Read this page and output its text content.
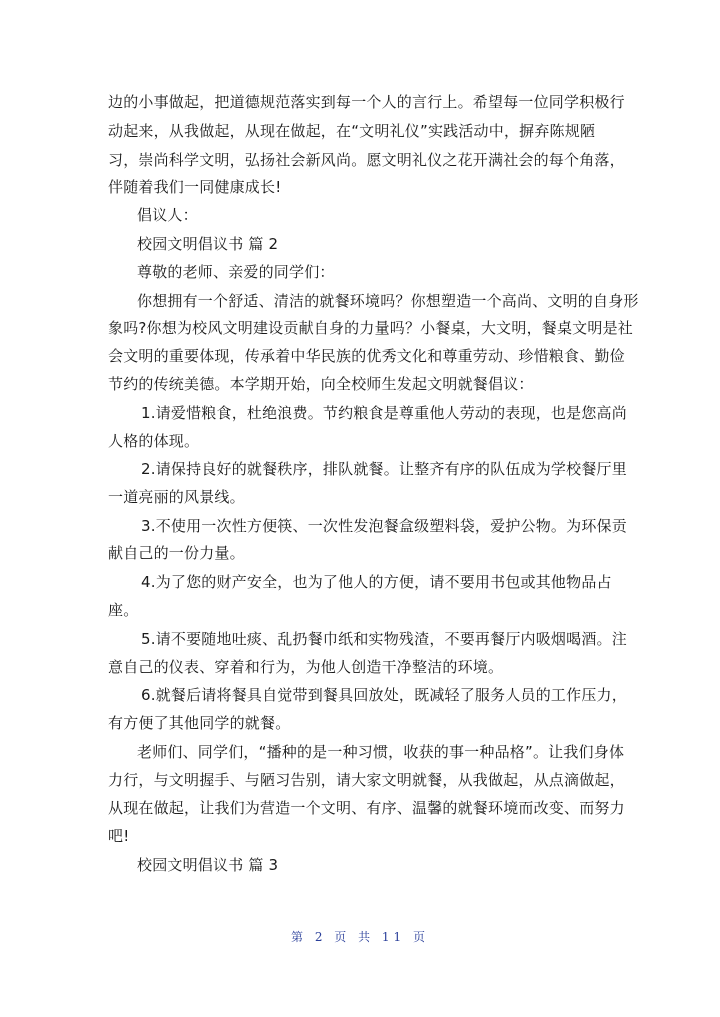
边的小事做起，把道德规范落实到每一个人的言行上。希望每一位同学积极行
动起来，从我做起，从现在做起，在“文明礼仪”实践活动中，摒弃陈规陋
习，崇尚科学文明，弘扬社会新风尚。愿文明礼仪之花开满社会的每个角落，
伴随着我们一同健康成长!
倡议人：
校园文明倡议书 篇 2
尊敬的老师、亲爱的同学们：
你想拥有一个舒适、清洁的就餐环境吗？你想塑造一个高尚、文明的自身形
象吗?你想为校风文明建设贡献自身的力量吗？小餐桌，大文明，餐桌文明是社
会文明的重要体现，传承着中华民族的优秀文化和尊重劳动、珍惜粮食、勤俭
节约的传统美德。本学期开始，向全校师生发起文明就餐倡议：
1.请爱惜粮食，杜绝浪费。节约粮食是尊重他人劳动的表现，也是您高尚
人格的体现。
2.请保持良好的就餐秩序，排队就餐。让整齐有序的队伍成为学校餐厅里
一道亮丽的风景线。
3.不使用一次性方便筷、一次性发泡餐盒级塑料袋，爱护公物。为环保贡
献自己的一份力量。
4.为了您的财产安全，也为了他人的方便，请不要用书包或其他物品占
座。
5.请不要随地吐痰、乱扔餐巾纸和实物残渣，不要再餐厅内吸烟喝酒。注
意自己的仪表、穿着和行为，为他人创造干净整洁的环境。
6.就餐后请将餐具自觉带到餐具回放处，既减轻了服务人员的工作压力，
有方便了其他同学的就餐。
老师们、同学们，“播种的是一种习惯，收获的事一种品格”。让我们身体
力行，与文明握手、与陋习告别，请大家文明就餐，从我做起，从点滴做起，
从现在做起，让我们为营造一个文明、有序、温馨的就餐环境而改变、而努力
吧!
校园文明倡议书 篇 3
第 2 页 共 11 页
